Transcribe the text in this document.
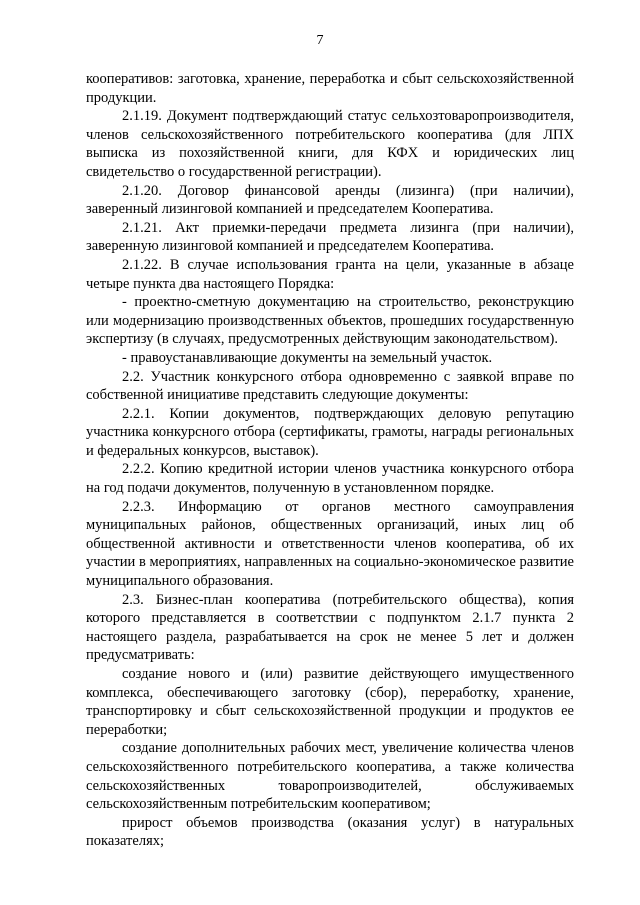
7

кооперативов: заготовка, хранение, переработка и сбыт сельскохозяйственной продукции.

2.1.19. Документ подтверждающий статус сельхозтоваропроизводителя, членов сельскохозяйственного потребительского кооператива (для ЛПХ выписка из похозяйственной книги, для КФХ и юридических лиц свидетельство о государственной регистрации).

2.1.20. Договор финансовой аренды (лизинга) (при наличии), заверенный лизинговой компанией и председателем Кооператива.

2.1.21. Акт приемки-передачи предмета лизинга (при наличии), заверенную лизинговой компанией и председателем Кооператива.

2.1.22. В случае использования гранта на цели, указанные в абзаце четыре пункта два настоящего Порядка:

- проектно-сметную документацию на строительство, реконструкцию или модернизацию производственных объектов, прошедших государственную экспертизу (в случаях, предусмотренных действующим законодательством).

- правоустанавливающие документы на земельный участок.

2.2. Участник конкурсного отбора одновременно с заявкой вправе по собственной инициативе представить следующие документы:

2.2.1. Копии документов, подтверждающих деловую репутацию участника конкурсного отбора (сертификаты, грамоты, награды региональных и федеральных конкурсов, выставок).

2.2.2. Копию кредитной истории членов участника конкурсного отбора на год подачи документов, полученную в установленном порядке.

2.2.3. Информацию от органов местного самоуправления муниципальных районов, общественных организаций, иных лиц об общественной активности и ответственности членов кооператива, об их участии в мероприятиях, направленных на социально-экономическое развитие муниципального образования.

2.3. Бизнес-план кооператива (потребительского общества), копия которого представляется в соответствии с подпунктом 2.1.7 пункта 2 настоящего раздела, разрабатывается на срок не менее 5 лет и должен предусматривать:

создание нового и (или) развитие действующего имущественного комплекса, обеспечивающего заготовку (сбор), переработку, хранение, транспортировку и сбыт сельскохозяйственной продукции и продуктов ее переработки;

создание дополнительных рабочих мест, увеличение количества членов сельскохозяйственного потребительского кооператива, а также количества сельскохозяйственных товаропроизводителей, обслуживаемых сельскохозяйственным потребительским кооперативом;

прирост объемов производства (оказания услуг) в натуральных показателях;
